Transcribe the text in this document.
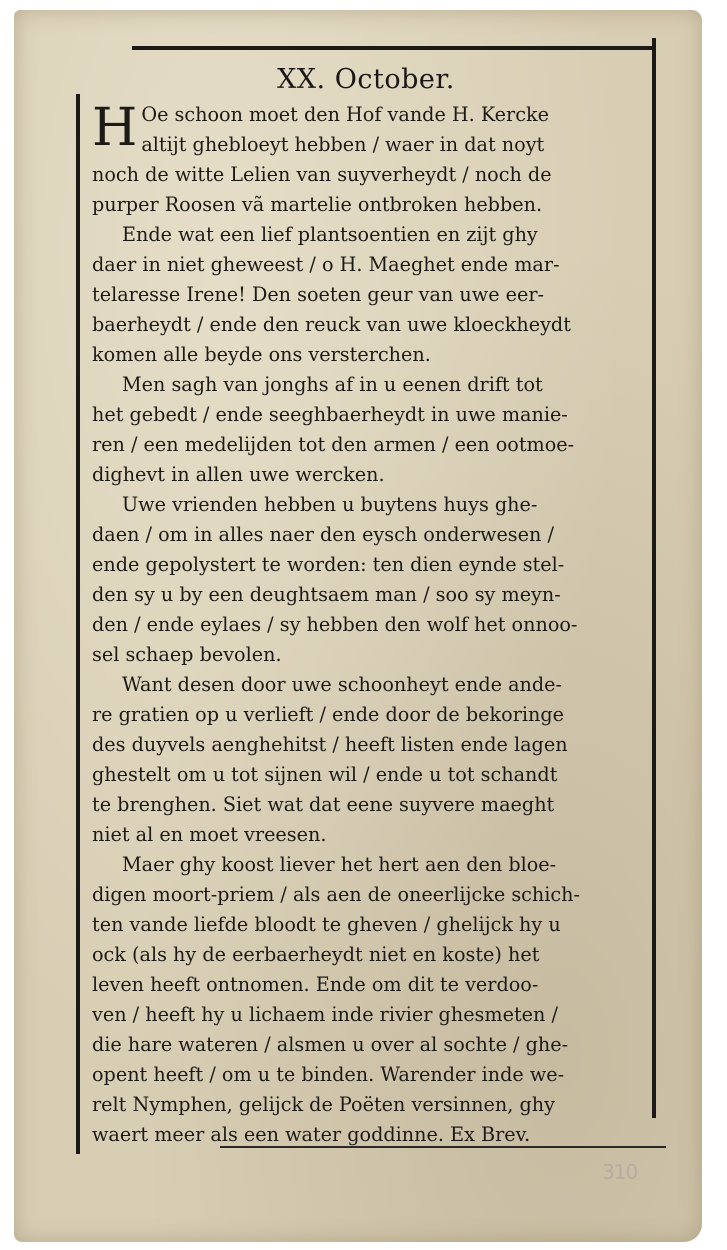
XX. October.
H Oe schoon moet den Hof vande H. Kercke
altijt ghebloeyt hebben / waer in dat noyt
noch de witte Lelien van suyverheydt / noch de
purper Roosen vã martelie ontbroken hebben.
Ende wat een lief plantsoentien en zijt ghy
daer in niet gheweest / o H. Maeghet ende mar-
telaresse Irene! Den soeten geur van uwe eer-
baerheydt / ende den reuck van uwe kloeckheydt
komen alle beyde ons versterchen.
Men sagh van jonghs af in u eenen drift tot
het gebedt / ende seeghbaerheydt in uwe manie-
ren / een medelijden tot den armen / een ootmoe-
dighevt in allen uwe wercken.
Uwe vrienden hebben u buytens huys ghe-
daen / om in alles naer den eysch onderwesen /
ende gepolystert te worden: ten dien eynde stel-
den sy u by een deughtsaem man / soo sy meyn-
den / ende eylaes / sy hebben den wolf het onnoo-
sel schaep bevolen.
Want desen door uwe schoonheyt ende ande-
re gratien op u verlieft / ende door de bekoringe
des duyvels aenghehitst / heeft listen ende lagen
ghestelt om u tot sijnen wil / ende u tot schandt
te brenghen. Siet wat dat eene suyvere maeght
niet al en moet vreesen.
Maer ghy koost liever het hert aen den bloe-
digen moort-priem / als aen de oneerlijcke schich-
ten vande liefde bloodt te gheven / ghelijck hy u
ock (als hy de eerbaerheydt niet en koste) het
leven heeft ontnomen. Ende om dit te verdoo-
ven / heeft hy u lichaem inde rivier ghesmeten /
die hare wateren / alsmen u over al sochte / ghe-
opent heeft / om u te binden. Warender inde we-
relt Nymphen, gelijck de Poëten versinnen, ghy
waert meer als een water goddinne. Ex Brev.
310
